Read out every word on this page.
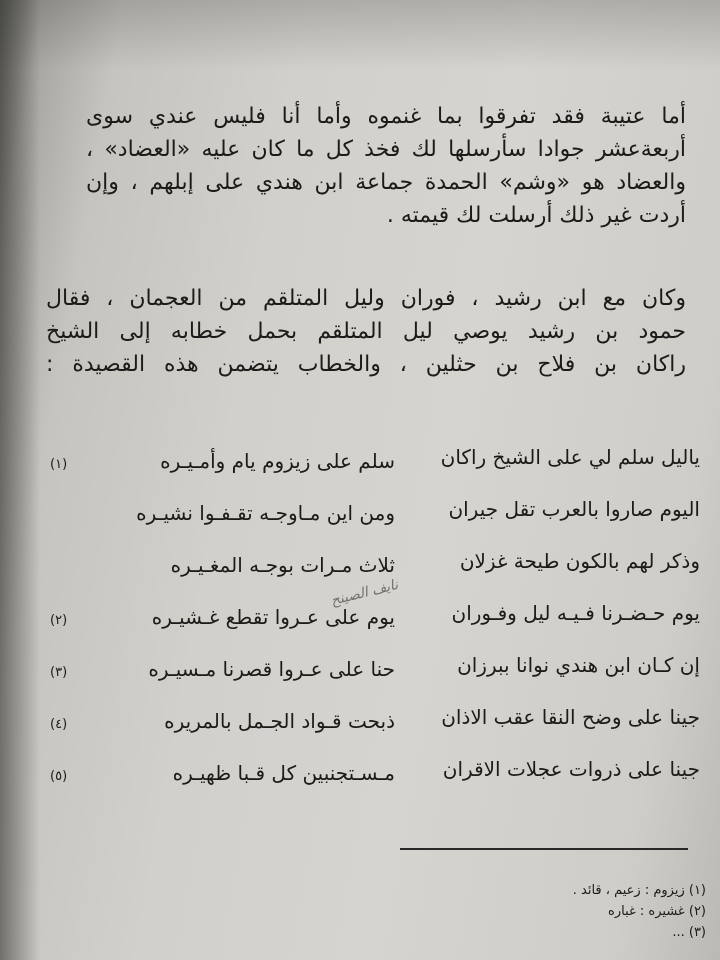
أما عتيبة فقد تفرقوا بما غنموه وأما أنا فليس عندي سوى
أربعةعشر جوادا سأرسلها لك فخذ كل ما كان عليه «العضاد» ،
والعضاد هو «وشم» الحمدة جماعة ابن هندي على إبلهم ، وإن
أردت غير ذلك أرسلت لك قيمته .
وكان مع ابن رشيد ، فوران وليل المتلقم من العجمان ، فقال
حمود بن رشيد يوصي ليل المتلقم بحمل خطابه إلى الشيخ
راكان بن فلاح بن حثلين ، والخطاب يتضمن هذه القصيدة :
ياليل سلم لي على الشيخ راكان
سلم على زيزوم يام وأمـيـره
(١)
اليوم صاروا بالعرب تقل جيران
ومن اين مـاوجـه تقـفـوا نشيـره
وذكر لهم بالكون طيحة غزلان
ثلاث مـرات بوجـه المغـيـره
يوم حـضـرنا فـيـه ليل وفـوران
يوم على عـروا تقطع غـشيـره
(٢)
إن كـان ابن هندي نوانا ببرزان
حنا على عـروا قصرنا مـسيـره
(٣)
جينا على وضح النقا عقب الاذان
ذبحت قـواد الجـمل بالمريره
(٤)
جينا على ذروات عجلات الاقران
مـسـتجنبين كل قـبا ظهيـره
(٥)
نايف الصينح
(١) زيزوم : زعيم ، قائد .
(٢) غشيره : غباره
(٣) ...
